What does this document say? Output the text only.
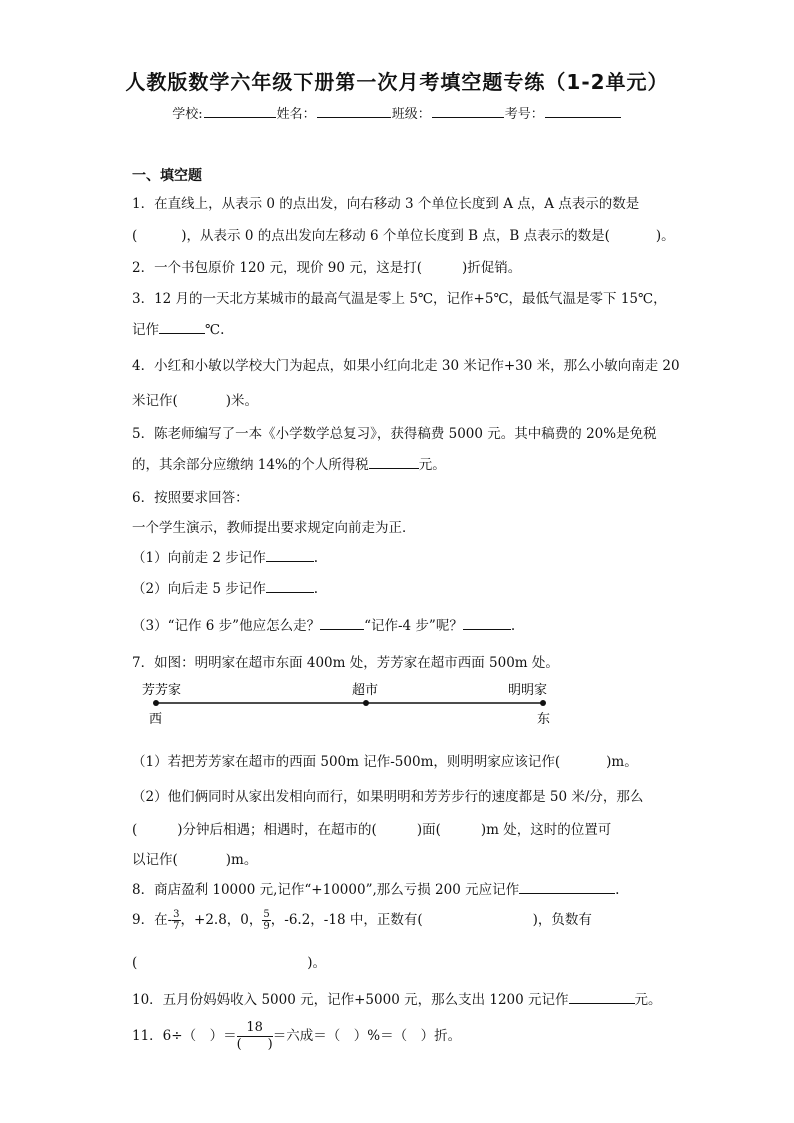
人教版数学六年级下册第一次月考填空题专练（1-2单元）
学校:	姓名：	班级：	考号：
一、填空题
1．在直线上，从表示 0 的点出发，向右移动 3 个单位长度到 A 点，A 点表示的数是
(	)，从表示 0 的点出发向左移动 6 个单位长度到 B 点，B 点表示的数是(	)。
2．一个书包原价 120 元，现价 90 元，这是打(	)折促销。
3．12 月的一天北方某城市的最高气温是零上 5℃，记作+5℃，最低气温是零下 15℃，
记作	℃.
4．小红和小敏以学校大门为起点，如果小红向北走 30 米记作+30 米，那么小敏向南走 20
米记作(	)米。
5．陈老师编写了一本《小学数学总复习》，获得稿费 5000 元。其中稿费的 20%是免税
的，其余部分应缴纳 14%的个人所得税	元。
6．按照要求回答：
一个学生演示，教师提出要求规定向前走为正．
（1）向前走 2 步记作	.
（2）向后走 5 步记作	.
（3）“记作 6 步”他应怎么走？	“记作-4 步”呢？	.
7．如图：明明家在超市东面 400m 处，芳芳家在超市西面 500m 处。
芳芳家	超市	明明家
西	东
（1）若把芳芳家在超市的西面 500m 记作-500m，则明明家应该记作(	)m。
（2）他们俩同时从家出发相向而行，如果明明和芳芳步行的速度都是 50 米/分，那么
(	)分钟后相遇；相遇时，在超市的(	)面(	)m 处，这时的位置可
以记作(	)m。
8．商店盈利 10000 元,记作“+10000”,那么亏损 200 元应记作	.
9．在- $\frac{3}{7}$ ，+2.8，0， $\frac{5}{9}$ ，-6.2，-18 中，正数有(	)，负数有
(	)。
10．五月份妈妈收入 5000 元，记作+5000 元，那么支出 1200 元记作	元。
11．6÷（　）＝ $\frac{18}{( )}$ ＝六成＝（　）%＝（　）折。
